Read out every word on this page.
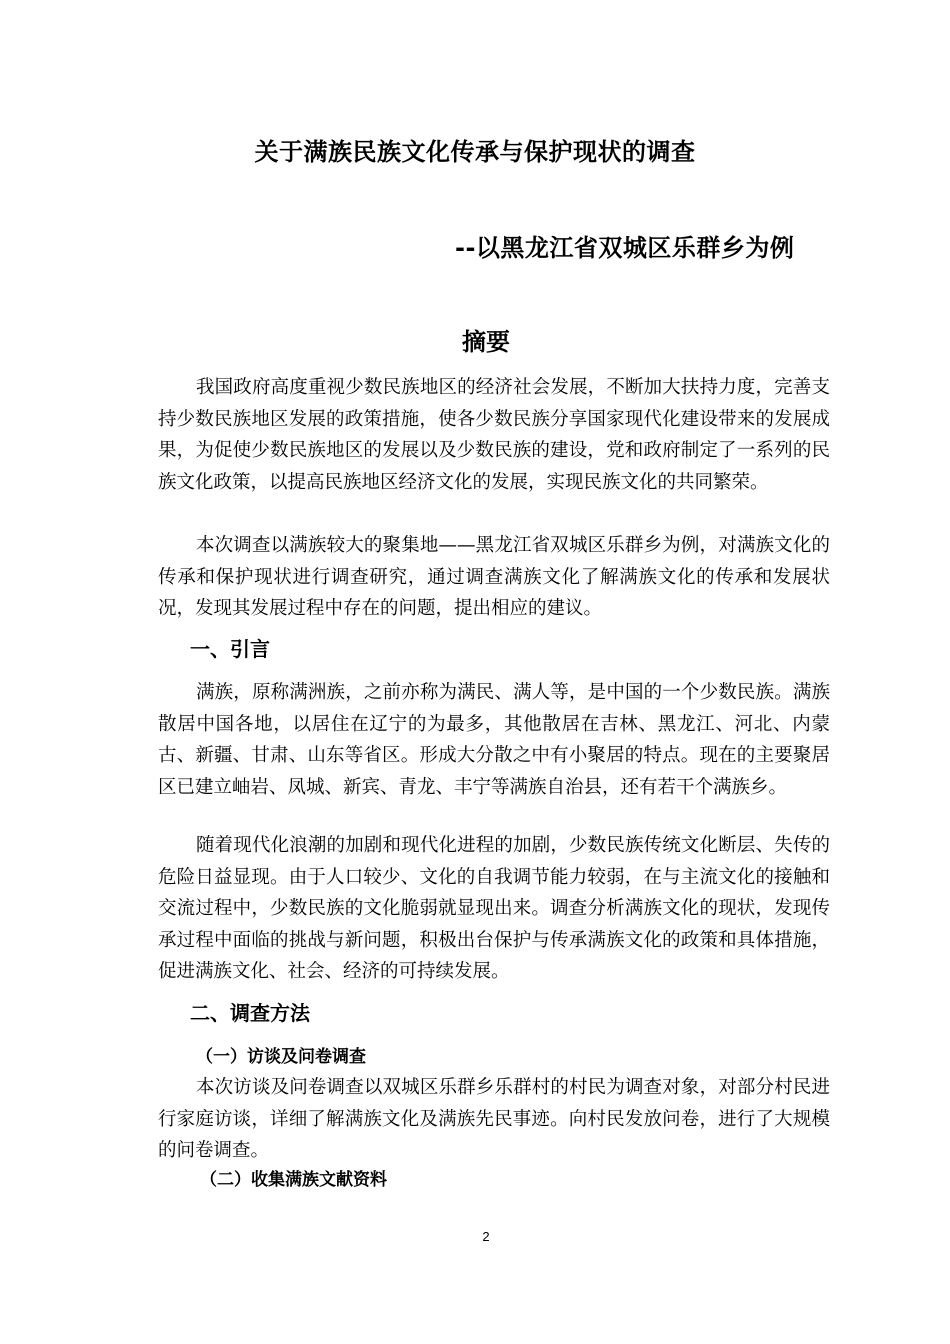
关于满族民族文化传承与保护现状的调查
--以黑龙江省双城区乐群乡为例
摘要

我国政府高度重视少数民族地区的经济社会发展，不断加大扶持力度，完善支持少数民族地区发展的政策措施，使各少数民族分享国家现代化建设带来的发展成果，为促使少数民族地区的发展以及少数民族的建设，党和政府制定了一系列的民族文化政策，以提高民族地区经济文化的发展，实现民族文化的共同繁荣。

本次调查以满族较大的聚集地——黑龙江省双城区乐群乡为例，对满族文化的传承和保护现状进行调查研究，通过调查满族文化了解满族文化的传承和发展状况，发现其发展过程中存在的问题，提出相应的建议。

一、引言

满族，原称满洲族，之前亦称为满民、满人等，是中国的一个少数民族。满族散居中国各地，以居住在辽宁的为最多，其他散居在吉林、黑龙江、河北、内蒙古、新疆、甘肃、山东等省区。形成大分散之中有小聚居的特点。现在的主要聚居区已建立岫岩、凤城、新宾、青龙、丰宁等满族自治县，还有若干个满族乡。

随着现代化浪潮的加剧和现代化进程的加剧，少数民族传统文化断层、失传的危险日益显现。由于人口较少、文化的自我调节能力较弱，在与主流文化的接触和交流过程中，少数民族的文化脆弱就显现出来。调查分析满族文化的现状，发现传承过程中面临的挑战与新问题，积极出台保护与传承满族文化的政策和具体措施，促进满族文化、社会、经济的可持续发展。

二、调查方法
（一）访谈及问卷调查

本次访谈及问卷调查以双城区乐群乡乐群村的村民为调查对象，对部分村民进行家庭访谈，详细了解满族文化及满族先民事迹。向村民发放问卷，进行了大规模的问卷调查。

（二）收集满族文献资料
2
